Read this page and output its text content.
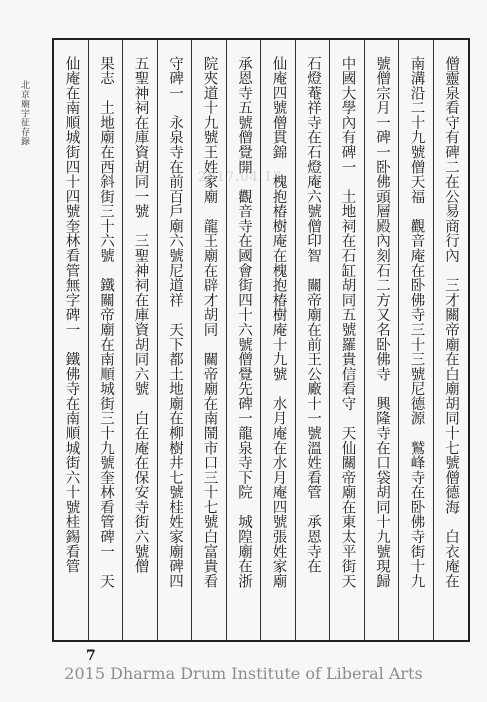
北京廟宇征存錄
2017.04.17	僧靈泉看守有碑二在公易商行內　三才關帝廟在白廟胡同十七號僧德海　白衣庵在
南溝沿二十九號僧天福　觀音庵在卧佛寺三十三號尼德源　鷲峰寺在卧佛寺街十九
號僧宗月一碑一卧佛頭層殿內刻石二方又名卧佛寺　興隆寺在口袋胡同十九號現歸
中國大學內有碑一　土地祠在石缸胡同五號羅貴信看守　天仙關帝廟在東太平街天
石燈菴祥寺在石燈庵六號僧印智　關帝廟在前王公廠十一號溫姓看管　承恩寺在
仙庵四號僧貫錦　槐抱椿樹庵在槐抱椿樹庵十九號　水月庵在水月庵四號張姓家廟
承恩寺五號僧覺開　觀音寺在國會街四十六號僧覺先碑一龍泉寺下院　城隍廟在浙
院夾道十九號王姓家廟　龍王廟在辟才胡同　關帝廟在南鬧市口三十七號白富貴看
守碑一　永泉寺在前百戶廟六號尼道祥　天下都土地廟在柳樹井七號桂姓家廟碑四
五聖神祠在庫資胡同一號　三聖神祠在庫資胡同六號　白在庵在保安寺街六號僧
果志　土地廟在西斜街三十六號　鐵關帝廟在南順城街三十九號奎林看管碑一　天
仙庵在南順城街四十四號奎林看管無字碑一　鐵佛寺在南順城街六十號桂錫看管
7
2015 Dharma Drum Institute of Liberal Arts
